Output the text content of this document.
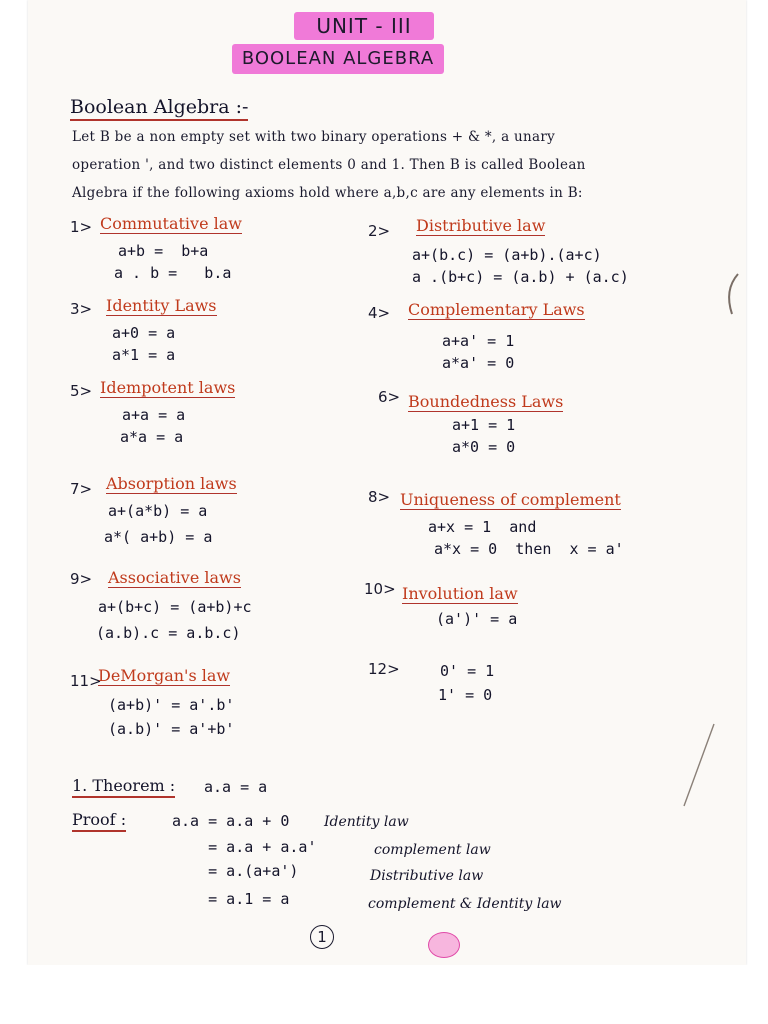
UNIT - III
BOOLEAN ALGEBRA
Boolean Algebra :-
Let B be a non empty set with two binary operations + & *, a unary
operation ', and two distinct elements 0 and 1. Then B is called Boolean
Algebra if the following axioms hold where a,b,c are any elements in B:
1> Commutative law
a+b =  b+a
a . b =   b.a
2> Distributive law
a+(b.c) = (a+b).(a+c)
a .(b+c) = (a.b) + (a.c)
3> Identity Laws
a+0 = a
a*1 = a
4> Complementary Laws
a+a' = 1
a*a' = 0
5> Idempotent laws
a+a = a
a*a = a
6> Boundedness Laws
a+1 = 1
a*0 = 0
7> Absorption laws
a+(a*b) = a
a*( a+b) = a
8> Uniqueness of complement
a+x = 1  and
a*x = 0  then  x = a'
9> Associative laws
a+(b+c) = (a+b)+c
(a.b).c = a.b.c)
10> Involution law
(a')' = a
11>
DeMorgan's law
(a+b)' = a'.b'
(a.b)' = a'+b'
12>	0' = 1
1' = 0
1. Theorem : a.a = a
Proof :	a.a = a.a + 0 Identity law
= a.a + a.a'	complement law
= a.(a+a')	Distributive law
= a.1 = a	complement & Identity law
1
